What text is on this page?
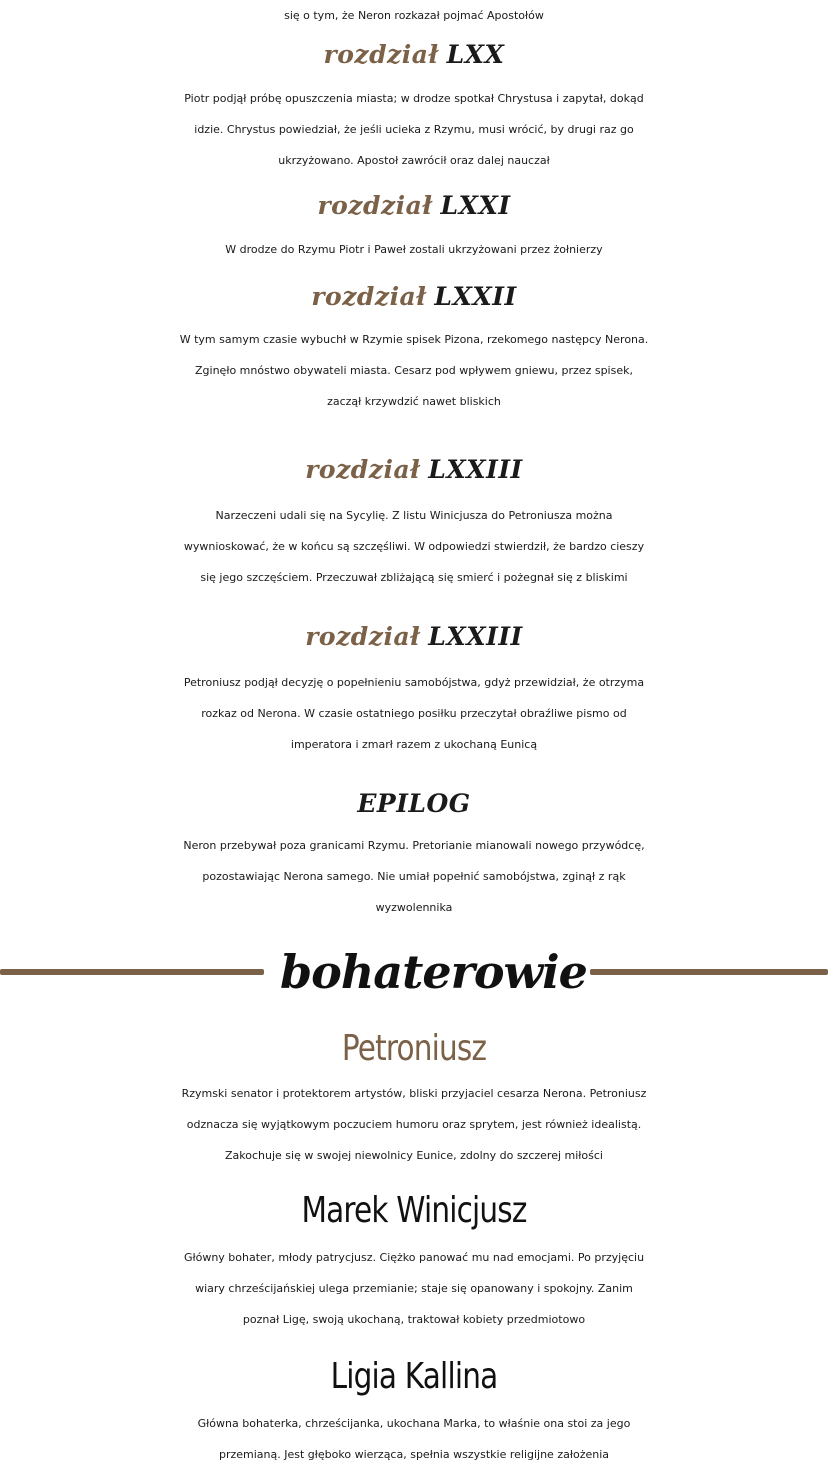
się o tym, że Neron rozkazał pojmać Apostołów

rozdział LXX

Piotr podjął próbę opuszczenia miasta; w drodze spotkał Chrystusa i zapytał, dokąd

idzie. Chrystus powiedział, że jeśli ucieka z Rzymu, musi wrócić, by drugi raz go

ukrzyżowano. Apostoł zawrócił oraz dalej nauczał

rozdział LXXI

W drodze do Rzymu Piotr i Paweł zostali ukrzyżowani przez żołnierzy

rozdział LXXII

W tym samym czasie wybuchł w Rzymie spisek Pizona, rzekomego następcy Nerona.

Zginęło mnóstwo obywateli miasta. Cesarz pod wpływem gniewu, przez spisek,

zaczął krzywdzić nawet bliskich

rozdział LXXIII

Narzeczeni udali się na Sycylię. Z listu Winicjusza do Petroniusza można

wywnioskować, że w końcu są szczęśliwi. W odpowiedzi stwierdził, że bardzo cieszy

się jego szczęściem. Przeczuwał zbliżającą się smierć i pożegnał się z bliskimi

rozdział LXXIII

Petroniusz podjął decyzję o popełnieniu samobójstwa, gdyż przewidział, że otrzyma

rozkaz od Nerona. W czasie ostatniego posiłku przeczytał obraźliwe pismo od

imperatora i zmarł razem z ukochaną Eunicą

EPILOG

Neron przebywał poza granicami Rzymu. Pretorianie mianowali nowego przywódcę,

pozostawiając Nerona samego. Nie umiał popełnić samobójstwa, zginął z rąk

wyzwolennika

bohaterowie
Petroniusz

Rzymski senator i protektorem artystów, bliski przyjaciel cesarza Nerona. Petroniusz

odznacza się wyjątkowym poczuciem humoru oraz sprytem, jest również idealistą.

Zakochuje się w swojej niewolnicy Eunice, zdolny do szczerej miłości

Marek Winicjusz

Główny bohater, młody patrycjusz. Ciężko panować mu nad emocjami. Po przyjęciu

wiary chrześcijańskiej ulega przemianie; staje się opanowany i spokojny. Zanim

poznał Ligę, swoją ukochaną, traktował kobiety przedmiotowo

Ligia Kallina

Główna bohaterka, chrześcijanka, ukochana Marka, to właśnie ona stoi za jego

przemianą. Jest głęboko wierząca, spełnia wszystkie religijne założenia
